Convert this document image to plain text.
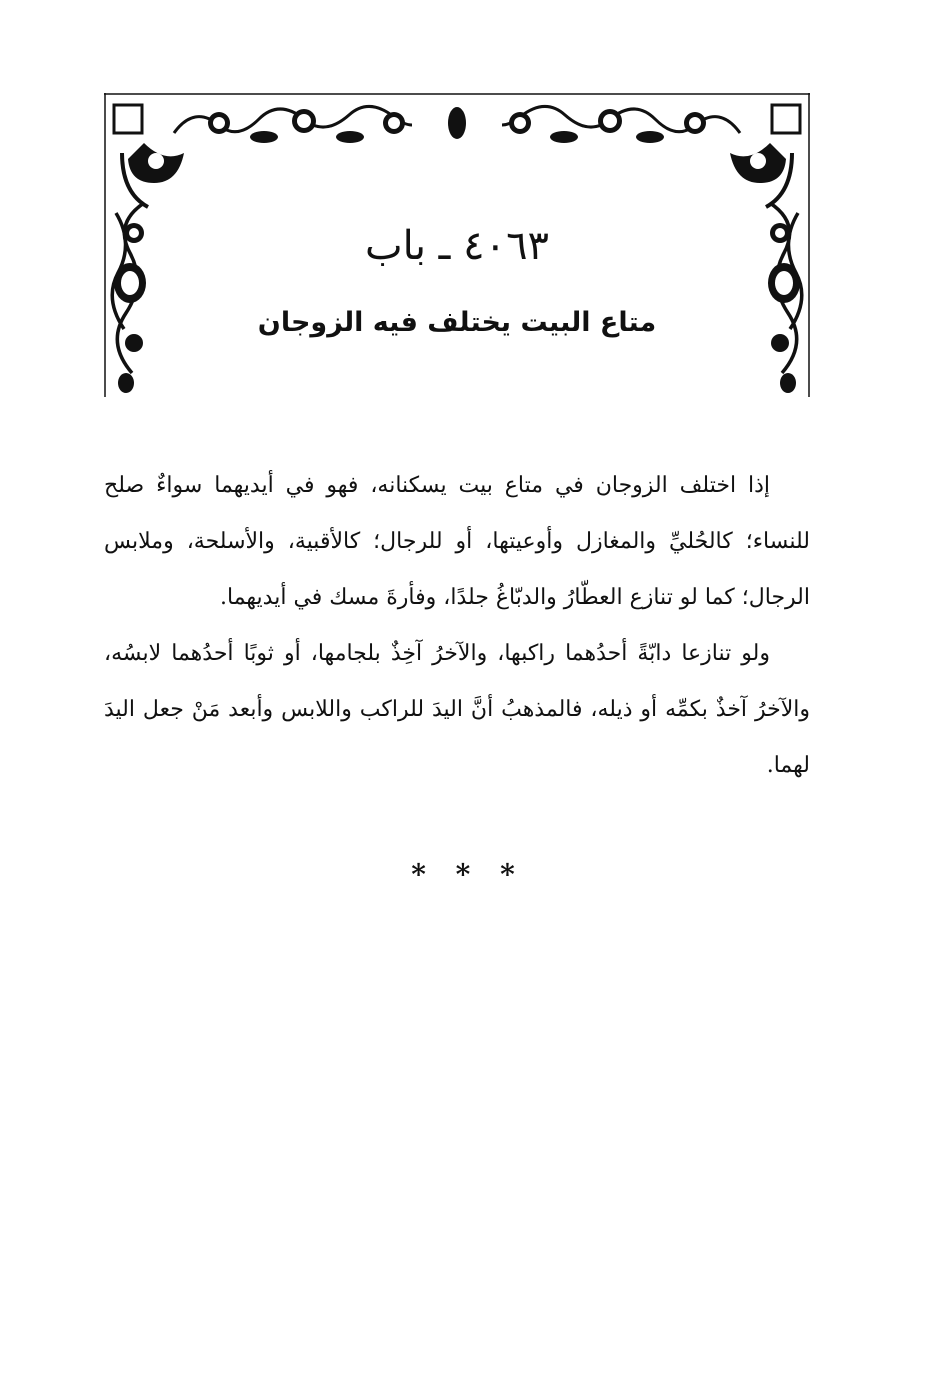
٤٠٦٣ ـ باب
متاع البيت يختلف فيه الزوجان

إذا اختلف الزوجان في متاع بيت يسكنانه، فهو في أيديهما سواءٌ صلح للنساء؛ كالحُليِّ والمغازل وأوعيتها، أو للرجال؛ كالأقبية، والأسلحة، وملابس الرجال؛ كما لو تنازع العطّارُ والدبّاغُ جلدًا، وفأرةَ مسك في أيديهما.

ولو تنازعا دابّةً أحدُهما راكبها، والآخرُ آخِذٌ بلجامها، أو ثوبًا أحدُهما لابسُه، والآخرُ آخذٌ بكمِّه أو ذيله، فالمذهبُ أنَّ اليدَ للراكب واللابس وأبعد مَنْ جعل اليدَ لهما.

* * *
